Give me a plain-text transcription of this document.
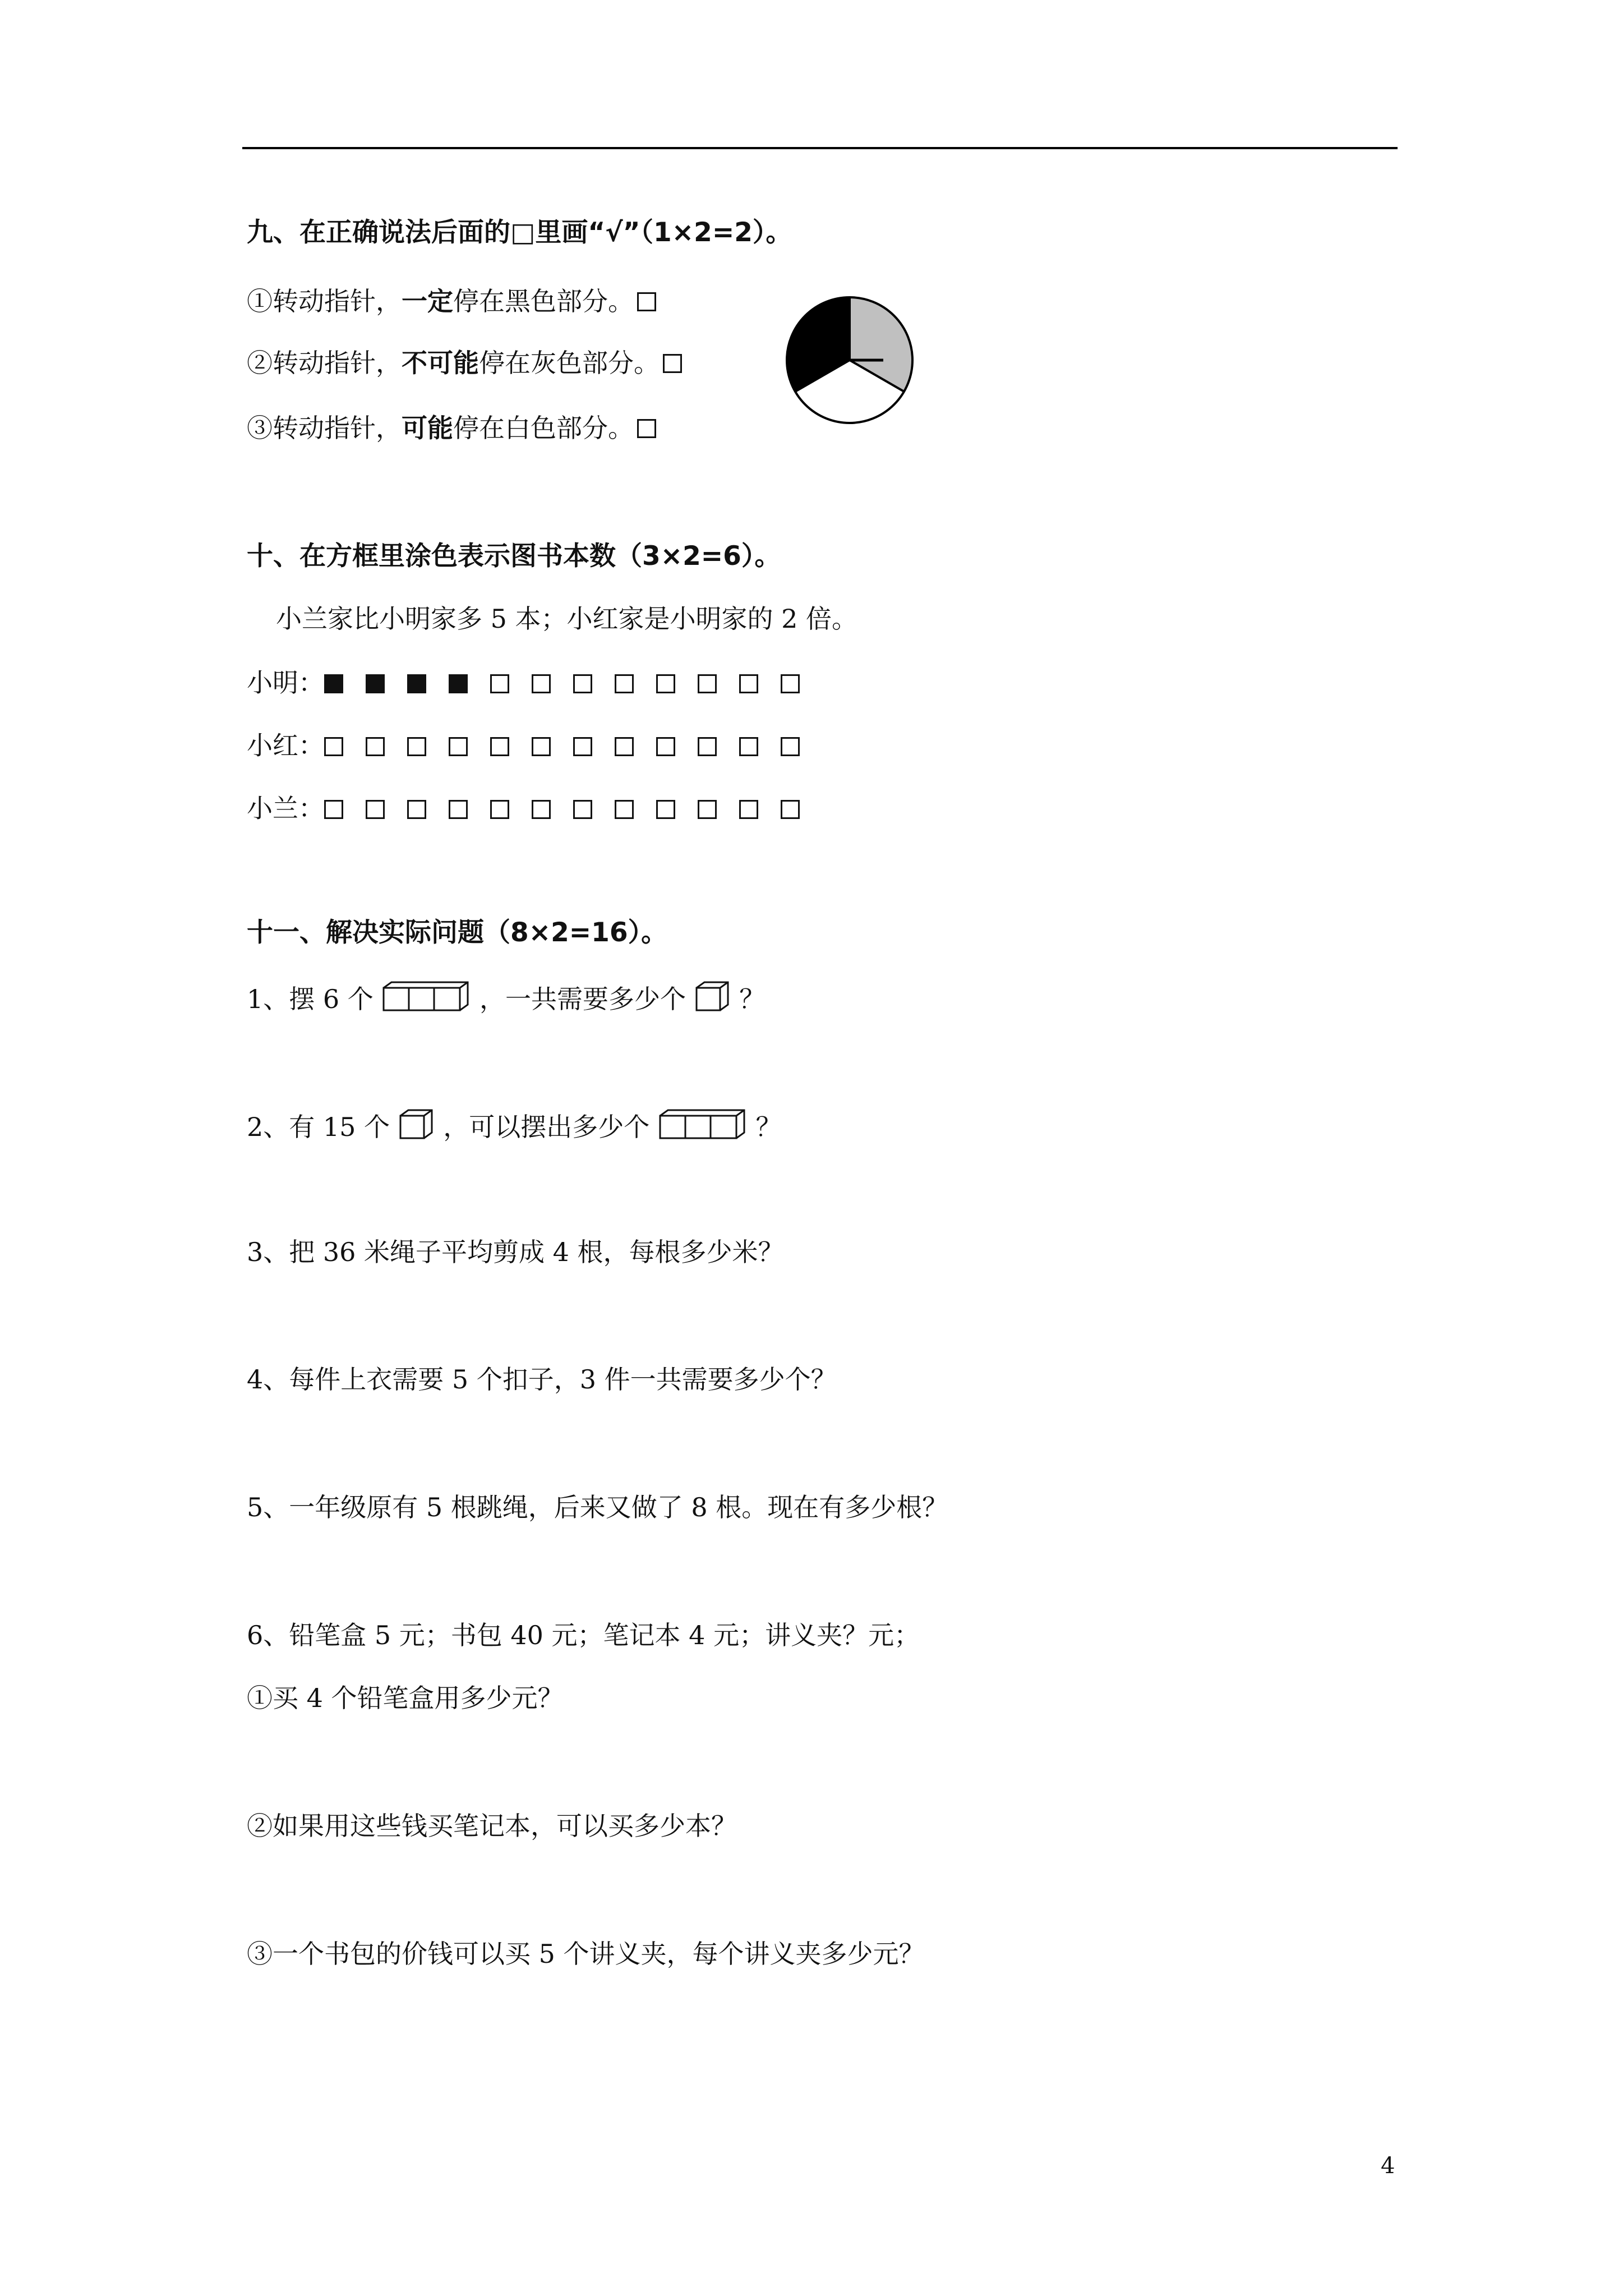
九、在正确说法后面的□里画“√”（1×2=2）。
①转动指针，一定停在黑色部分。
②转动指针，不可能停在灰色部分。
③转动指针，可能停在白色部分。
十、在方框里涂色表示图书本数（3×2=6）。
小兰家比小明家多 5 本；小红家是小明家的 2 倍。
小明：
小红：
小兰：
十一、解决实际问题（8×2=16）。
1、摆 6 个	，一共需要多少个 ？
2、有 15 个 ，可以摆出多少个	？
3、把 36 米绳子平均剪成 4 根，每根多少米？
4、每件上衣需要 5 个扣子，3 件一共需要多少个？
5、一年级原有 5 根跳绳，后来又做了 8 根。现在有多少根？
6、铅笔盒 5 元；书包 40 元；笔记本 4 元；讲义夹？元；
①买 4 个铅笔盒用多少元？
②如果用这些钱买笔记本，可以买多少本？
③一个书包的价钱可以买 5 个讲义夹，每个讲义夹多少元？
4
